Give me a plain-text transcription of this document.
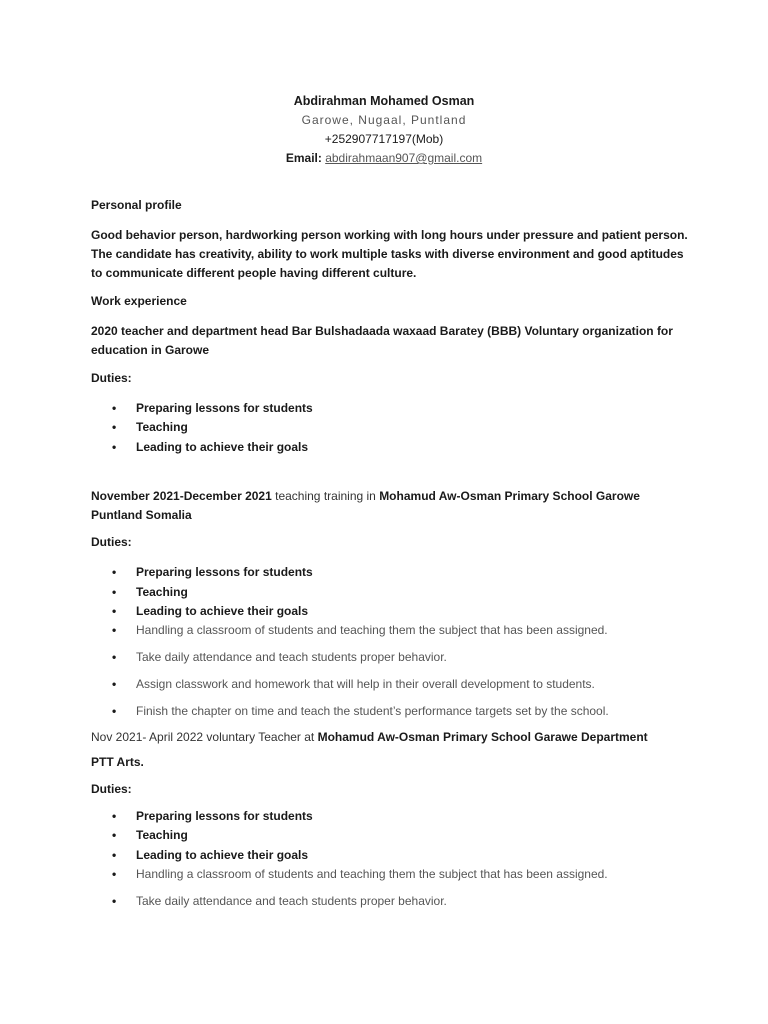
Abdirahman Mohamed Osman
Garowe, Nugaal, Puntland
+252907717197(Mob)
Email: abdirahmaan907@gmail.com
Personal profile
Good behavior person, hardworking person working with long hours under pressure and patient person.
The candidate has creativity, ability to work multiple tasks with diverse environment and good aptitudes
to communicate different people having different culture.
Work experience
2020 teacher and department head Bar Bulshadaada waxaad Baratey (BBB) Voluntary organization for
education in Garowe
Duties:
• Preparing lessons for students
• Teaching
• Leading to achieve their goals
November 2021-December 2021 teaching training in Mohamud Aw-Osman Primary School Garowe
Puntland Somalia
Duties:
• Preparing lessons for students
• Teaching
• Leading to achieve their goals
• Handling a classroom of students and teaching them the subject that has been assigned.
• Take daily attendance and teach students proper behavior.
• Assign classwork and homework that will help in their overall development to students.
• Finish the chapter on time and teach the student’s performance targets set by the school.
Nov 2021- April 2022 voluntary Teacher at Mohamud Aw-Osman Primary School Garawe Department
PTT Arts.
Duties:
• Preparing lessons for students
• Teaching
• Leading to achieve their goals
• Handling a classroom of students and teaching them the subject that has been assigned.
• Take daily attendance and teach students proper behavior.
